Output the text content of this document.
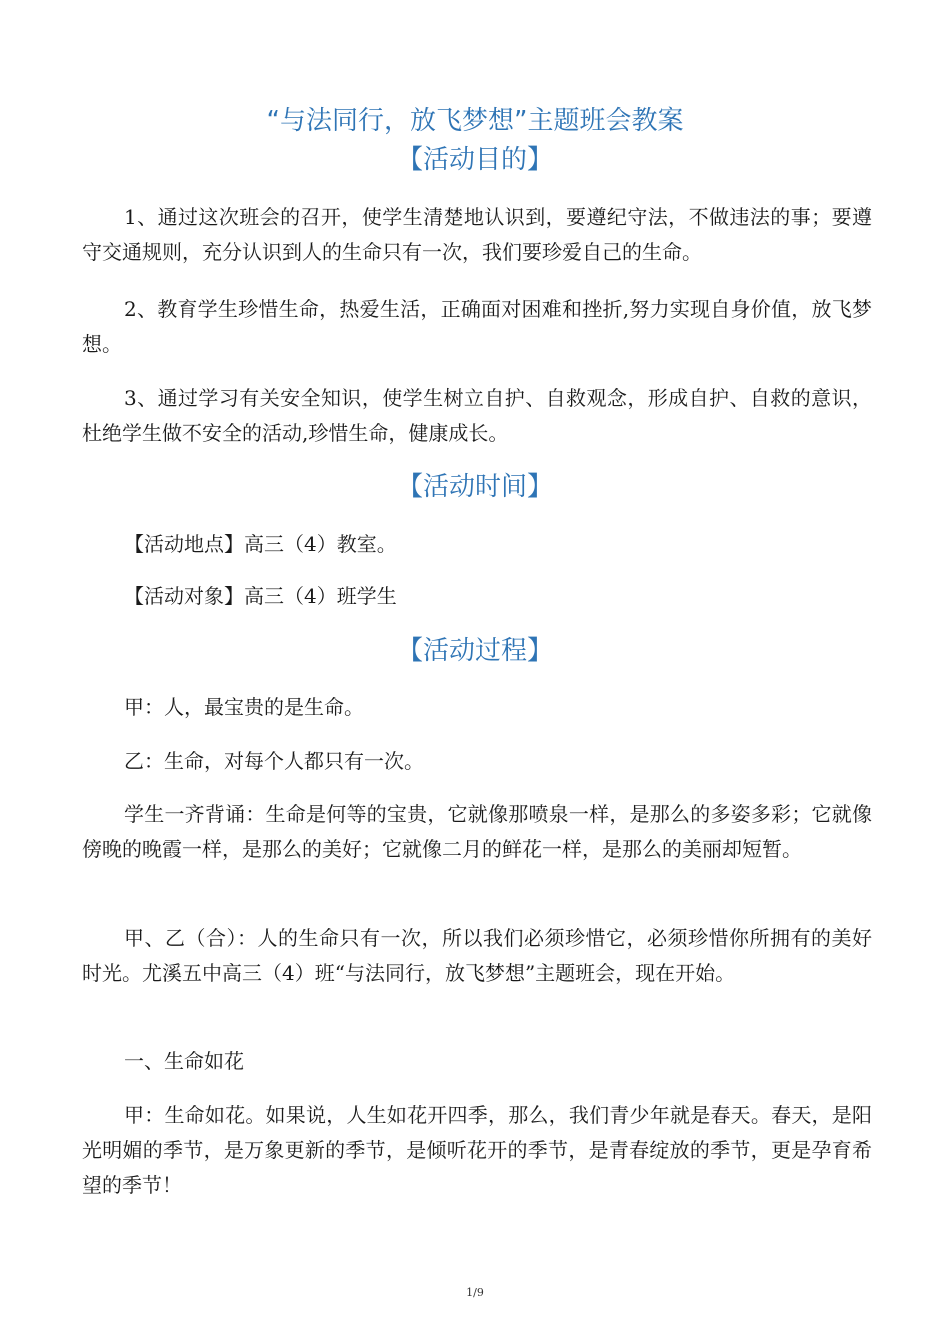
“与法同行，放飞梦想”主题班会教案
【活动目的】

1、通过这次班会的召开，使学生清楚地认识到，要遵纪守法，不做违法的事；要遵守交通规则，充分认识到人的生命只有一次，我们要珍爱自己的生命。

2、教育学生珍惜生命，热爱生活，正确面对困难和挫折,努力实现自身价值，放飞梦想。

3、通过学习有关安全知识，使学生树立自护、自救观念，形成自护、自救的意识，杜绝学生做不安全的活动,珍惜生命，健康成长。

【活动时间】

【活动地点】高三（4）教室。

【活动对象】高三（4）班学生

【活动过程】

甲：人，最宝贵的是生命。

乙：生命，对每个人都只有一次。

学生一齐背诵：生命是何等的宝贵，它就像那喷泉一样，是那么的多姿多彩；它就像傍晚的晚霞一样，是那么的美好；它就像二月的鲜花一样，是那么的美丽却短暂。

甲、乙（合）：人的生命只有一次，所以我们必须珍惜它，必须珍惜你所拥有的美好时光。尤溪五中高三（4）班“与法同行，放飞梦想”主题班会，现在开始。

一、生命如花

甲：生命如花。如果说，人生如花开四季，那么，我们青少年就是春天。春天，是阳光明媚的季节，是万象更新的季节，是倾听花开的季节，是青春绽放的季节，更是孕育希望的季节！

1/9
